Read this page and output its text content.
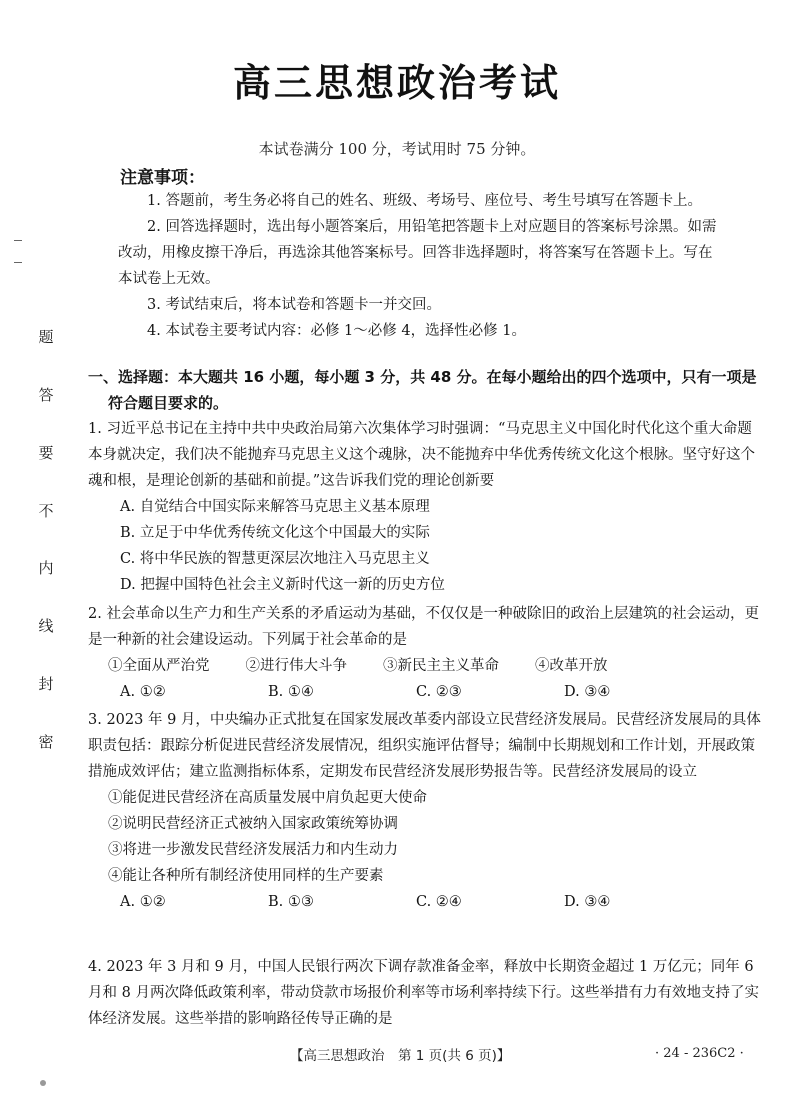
题
答
要
不
内
线
封
密
高三思想政治考试
本试卷满分 100 分，考试用时 75 分钟。
注意事项：

1. 答题前，考生务必将自己的姓名、班级、考场号、座位号、考生号填写在答题卡上。

2. 回答选择题时，选出每小题答案后，用铅笔把答题卡上对应题目的答案标号涂黑。如需改动，用橡皮擦干净后，再选涂其他答案标号。回答非选择题时，将答案写在答题卡上。写在本试卷上无效。

3. 考试结束后，将本试卷和答题卡一并交回。

4. 本试卷主要考试内容：必修 1～必修 4，选择性必修 1。

一、选择题：本大题共 16 小题，每小题 3 分，共 48 分。在每小题给出的四个选项中，只有一项是
符合题目要求的。

1. 习近平总书记在主持中共中央政治局第六次集体学习时强调：“马克思主义中国化时代化这个重大命题本身就决定，我们决不能抛弃马克思主义这个魂脉，决不能抛弃中华优秀传统文化这个根脉。坚守好这个魂和根，是理论创新的基础和前提。”这告诉我们党的理论创新要

A. 自觉结合中国实际来解答马克思主义基本原理

B. 立足于中华优秀传统文化这个中国最大的实际

C. 将中华民族的智慧更深层次地注入马克思主义

D. 把握中国特色社会主义新时代这一新的历史方位

2. 社会革命以生产力和生产关系的矛盾运动为基础，不仅仅是一种破除旧的政治上层建筑的社会运动，更是一种新的社会建设运动。下列属于社会革命的是

①全面从严治党 ②进行伟大斗争 ③新民主主义革命 ④改革开放
A. ①②	B. ①④	C. ②③	D. ③④

3. 2023 年 9 月，中央编办正式批复在国家发展改革委内部设立民营经济发展局。民营经济发展局的具体职责包括：跟踪分析促进民营经济发展情况，组织实施评估督导；编制中长期规划和工作计划，开展政策措施成效评估；建立监测指标体系，定期发布民营经济发展形势报告等。民营经济发展局的设立

①能促进民营经济在高质量发展中肩负起更大使命

②说明民营经济正式被纳入国家政策统筹协调

③将进一步激发民营经济发展活力和内生动力

④能让各种所有制经济使用同样的生产要素

A. ①②	B. ①③	C. ②④	D. ③④

4. 2023 年 3 月和 9 月，中国人民银行两次下调存款准备金率，释放中长期资金超过 1 万亿元；同年 6 月和 8 月两次降低政策利率，带动贷款市场报价利率等市场利率持续下行。这些举措有力有效地支持了实体经济发展。这些举措的影响路径传导正确的是

【高三思想政治　第 1 页(共 6 页)】	· 24 - 236C2 ·
